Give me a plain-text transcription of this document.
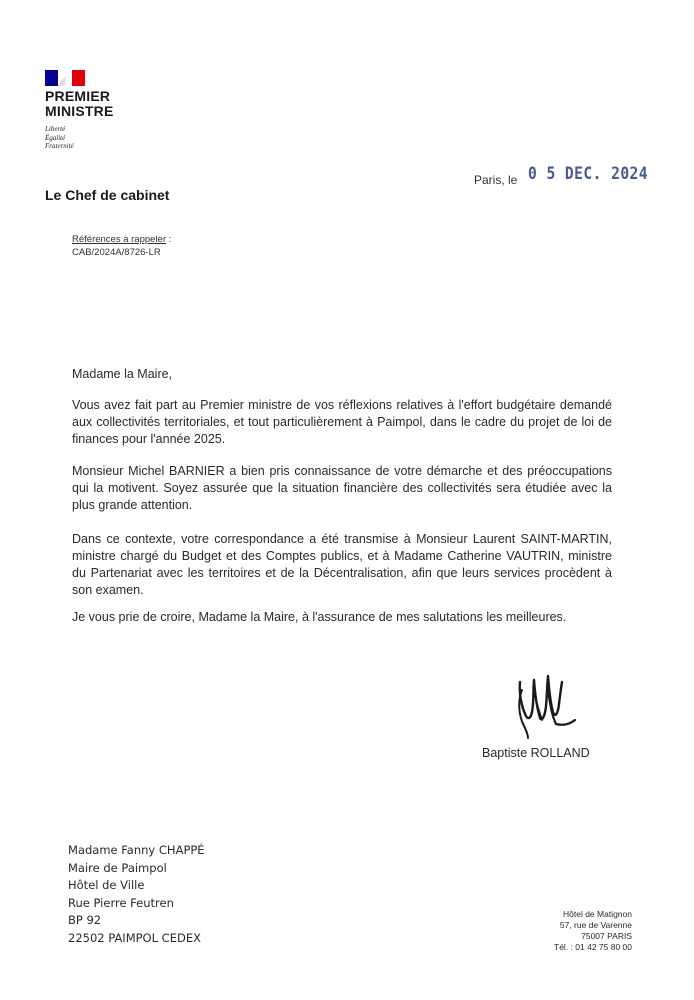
PREMIER
MINISTRE
Liberté
Égalité
Fraternité
Le Chef de cabinet
Paris, le 0 5 DEC. 2024
Références à rappeler :
CAB/2024A/8726-LR
Madame la Maire,
Vous avez fait part au Premier ministre de vos réflexions relatives à l'effort budgétaire demandé aux collectivités territoriales, et tout particulièrement à Paimpol, dans le cadre du projet de loi de finances pour l'année 2025.
Monsieur Michel BARNIER a bien pris connaissance de votre démarche et des préoccupations qui la motivent. Soyez assurée que la situation financière des collectivités sera étudiée avec la plus grande attention.
Dans ce contexte, votre correspondance a été transmise à Monsieur Laurent SAINT-MARTIN, ministre chargé du Budget et des Comptes publics, et à Madame Catherine VAUTRIN, ministre du Partenariat avec les territoires et de la Décentralisation, afin que leurs services procèdent à son examen.
Je vous prie de croire, Madame la Maire, à l'assurance de mes salutations les meilleures.
Baptiste ROLLAND
Madame Fanny CHAPPÉ
Maire de Paimpol
Hôtel de Ville
Rue Pierre Feutren
BP 92
22502 PAIMPOL CEDEX
Hôtel de Matignon
57, rue de Varenne
75007 PARIS
Tél. : 01 42 75 80 00
